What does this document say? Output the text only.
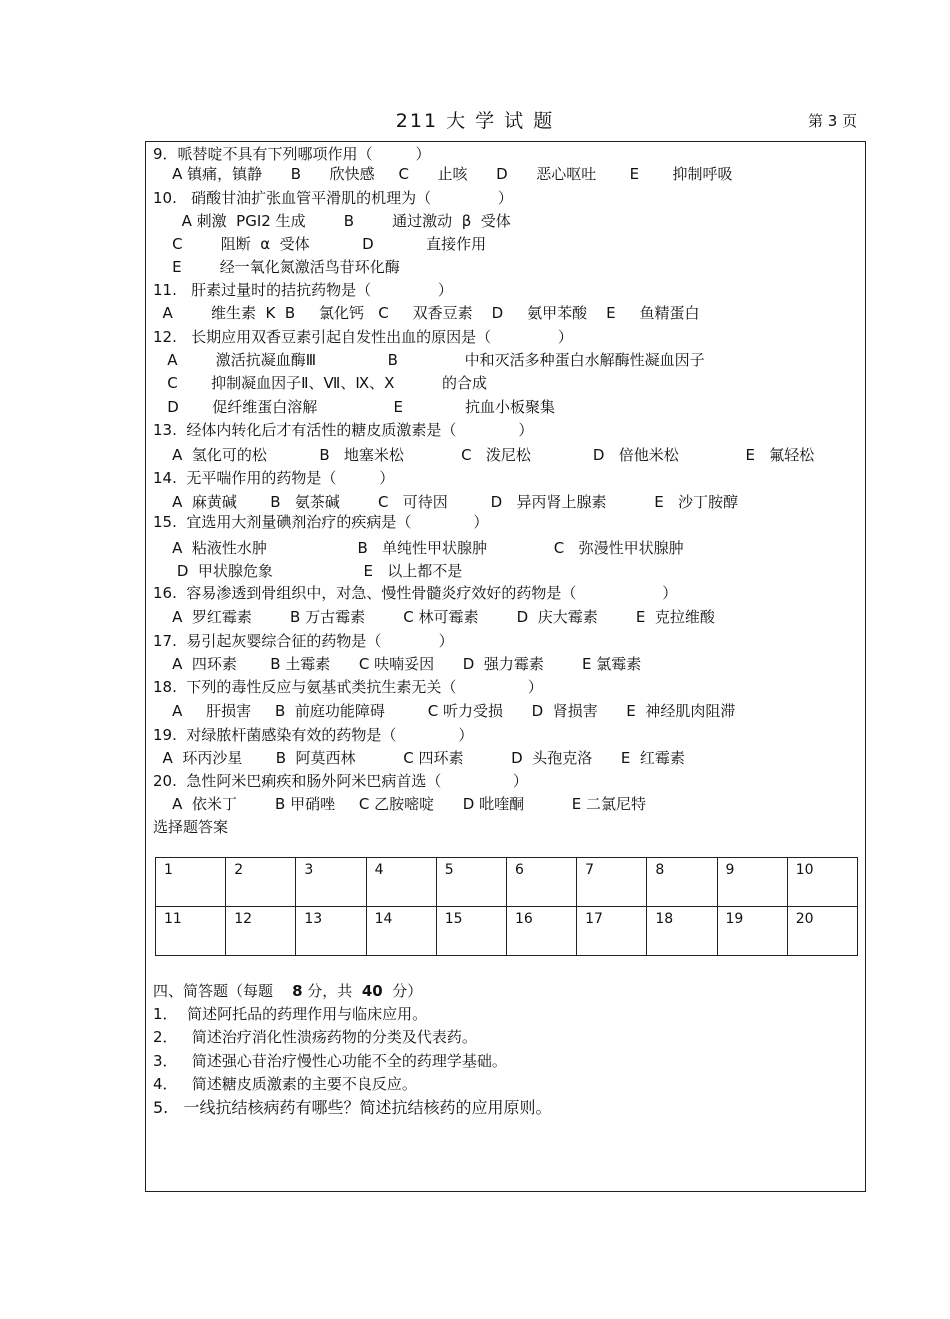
211 大 学 试 题	第 3 页
9．哌替啶不具有下列哪项作用（         ）
A 镇痛，镇静      B      欣快感     C      止咳      D      恶心呕吐       E       抑制呼吸
10.   硝酸甘油扩张血管平滑肌的机理为（              ）
A 刺激  PGI2 生成        B        通过激动  β  受体
C        阻断  α  受体           D           直接作用
E        经一氧化氮激活鸟苷环化酶
11.   肝素过量时的拮抗药物是（              ）
A        维生素  K  B     氯化钙   C     双香豆素    D     氨甲苯酸    E     鱼精蛋白
12.   长期应用双香豆素引起自发性出血的原因是（              ）
A        激活抗凝血酶Ⅲ               B              中和灭活多种蛋白水解酶性凝血因子
C       抑制凝血因子Ⅱ、Ⅶ、Ⅸ、Ⅹ          的合成
D       促纤维蛋白溶解                E             抗血小板聚集
13.  经体内转化后才有活性的糖皮质激素是（             ）
A  氢化可的松           B   地塞米松            C   泼尼松             D   倍他米松              E   氟轻松
14.  无平喘作用的药物是（         ）
A  麻黄碱       B   氨茶碱        C   可待因         D   异丙肾上腺素          E   沙丁胺醇
15.  宜选用大剂量碘剂治疗的疾病是（             ）
A  粘液性水肿                   B   单纯性甲状腺肿              C   弥漫性甲状腺肿
D  甲状腺危象                   E   以上都不是
16.  容易渗透到骨组织中，对急、慢性骨髓炎疗效好的药物是（                  ）
A  罗红霉素        B 万古霉素        C 林可霉素        D  庆大霉素        E  克拉维酸
17.  易引起灰婴综合征的药物是（            ）
A  四环素       B 土霉素      C 呋喃妥因      D  强力霉素        E 氯霉素
18.  下列的毒性反应与氨基甙类抗生素无关（               ）
A     肝损害     B  前庭功能障碍         C 听力受损      D  肾损害      E  神经肌肉阻滞
19.  对绿脓杆菌感染有效的药物是（             ）
A  环丙沙星       B  阿莫西林          C 四环素          D  头孢克洛      E  红霉素
20.  急性阿米巴痢疾和肠外阿米巴病首选（               ）
A  依米丁        B 甲硝唑     C 乙胺嘧啶      D 吡喹酮          E 二氯尼特
选择题答案
1	2	3	4	5	6	7	8	9	10
11	12	13	14	15	16	17	18	19	20
四、简答题（每题    8 分，共  40  分）
1．  简述阿托品的药理作用与临床应用。
2．   简述治疗消化性溃疡药物的分类及代表药。
3．   简述强心苷治疗慢性心功能不全的药理学基础。
4．   简述糖皮质激素的主要不良反应。
5.   一线抗结核病药有哪些？简述抗结核药的应用原则。
